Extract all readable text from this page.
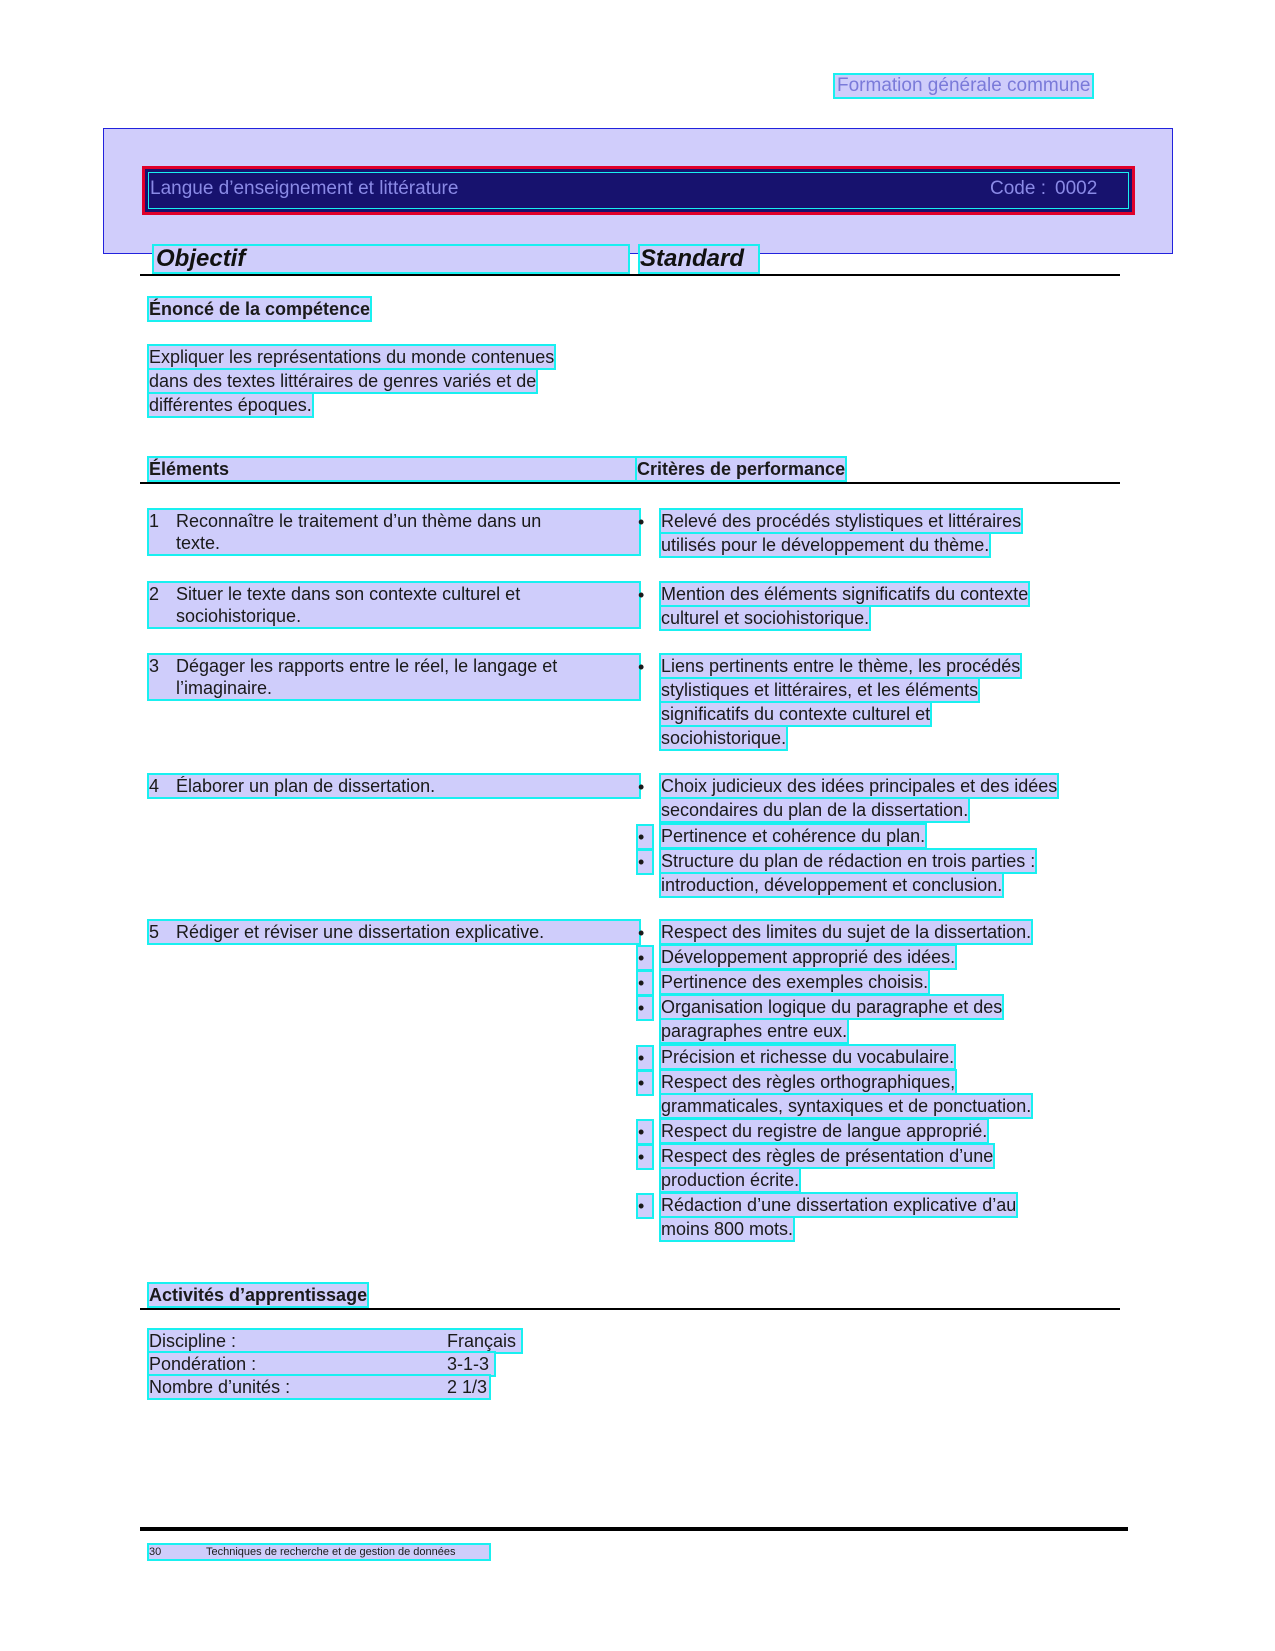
Formation générale commune
Langue d’enseignement et littérature	Code : 0002
Objectif	Standard
Énoncé de la compétence
Expliquer les représentations du monde contenues
dans des textes littéraires de genres variés et de
différentes époques.
Éléments	Critères de performance
1 Reconnaître le traitement d’un thème dans un
texte.
• Relevé des procédés stylistiques et littéraires
utilisés pour le développement du thème.
2 Situer le texte dans son contexte culturel et
sociohistorique.
• Mention des éléments significatifs du contexte
culturel et sociohistorique.
3 Dégager les rapports entre le réel, le langage et
l’imaginaire.
• Liens pertinents entre le thème, les procédés
stylistiques et littéraires, et les éléments
significatifs du contexte culturel et
sociohistorique.
4 Élaborer un plan de dissertation.	• Choix judicieux des idées principales et des idées
secondaires du plan de la dissertation.
• Pertinence et cohérence du plan.
• Structure du plan de rédaction en trois parties :
introduction, développement et conclusion.
5 Rédiger et réviser une dissertation explicative.	• Respect des limites du sujet de la dissertation.
• Développement approprié des idées.
• Pertinence des exemples choisis.
• Organisation logique du paragraphe et des
paragraphes entre eux.
• Précision et richesse du vocabulaire.
• Respect des règles orthographiques,
grammaticales, syntaxiques et de ponctuation.
• Respect du registre de langue approprié.
• Respect des règles de présentation d’une
production écrite.
• Rédaction d’une dissertation explicative d’au
moins 800 mots.
Activités d’apprentissage
Discipline :	Français
Pondération :	3-1-3
Nombre d’unités :	2 1/3
30	Techniques de recherche et de gestion de données
